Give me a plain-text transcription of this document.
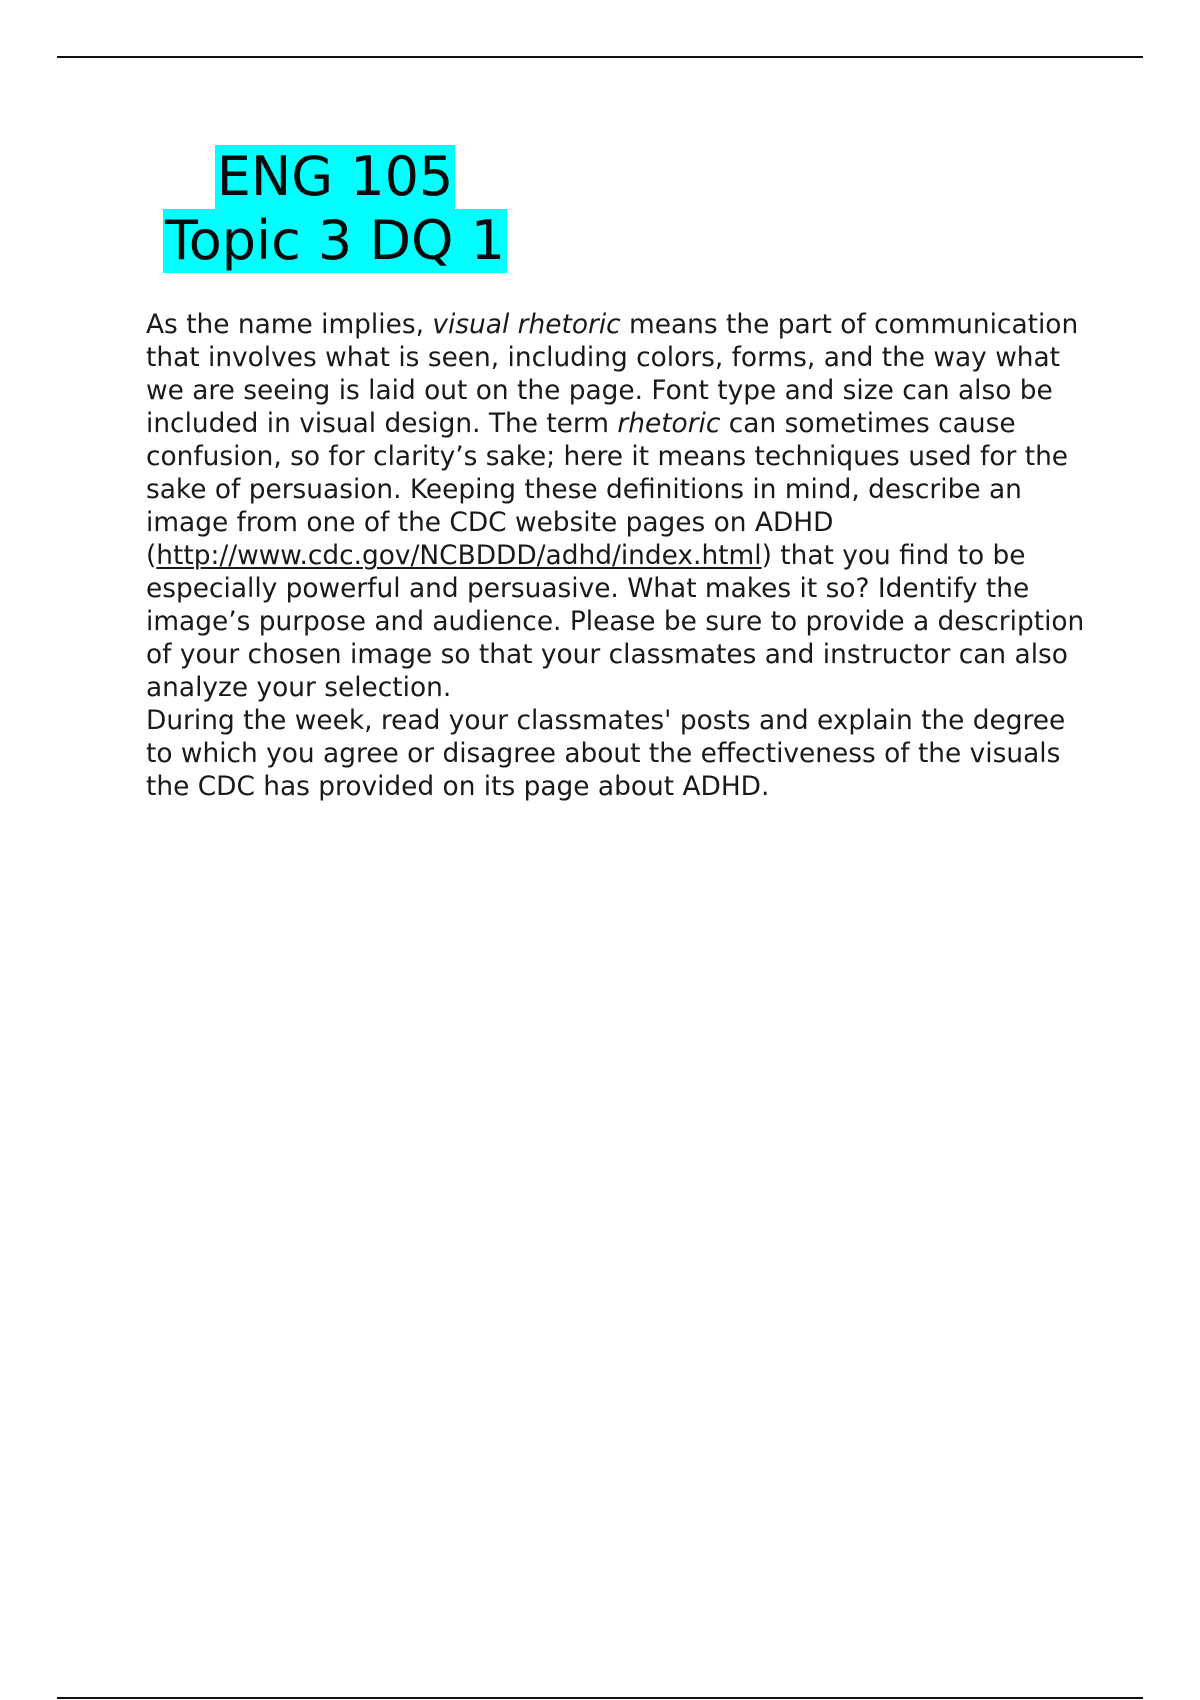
ENG 105
Topic 3 DQ 1

As the name implies, visual rhetoric means the part of communication that involves what is seen, including colors, forms, and the way what we are seeing is laid out on the page. Font type and size can also be included in visual design. The term rhetoric can sometimes cause confusion, so for clarity’s sake; here it means techniques used for the sake of persuasion. Keeping these definitions in mind, describe an image from one of the CDC website pages on ADHD (http://www.cdc.gov/NCBDDD/adhd/index.html) that you find to be especially powerful and persuasive. What makes it so? Identify the image’s purpose and audience. Please be sure to provide a description of your chosen image so that your classmates and instructor can also analyze your selection.

During the week, read your classmates' posts and explain the degree to which you agree or disagree about the effectiveness of the visuals the CDC has provided on its page about ADHD.
